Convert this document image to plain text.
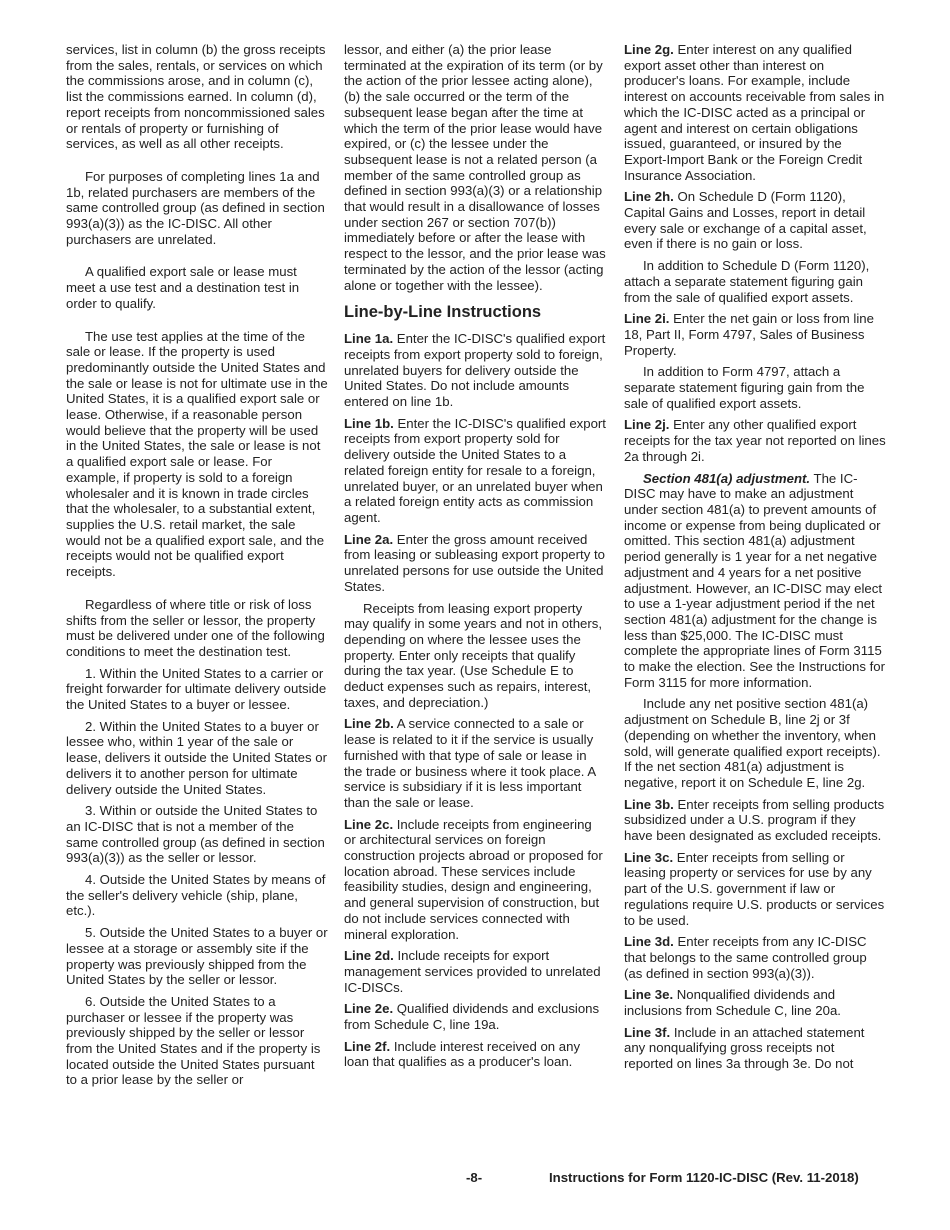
services, list in column (b) the gross receipts from the sales, rentals, or services on which the commissions arose, and in column (c), list the commissions earned. In column (d), report receipts from noncommissioned sales or rentals of property or furnishing of services, as well as all other receipts.

For purposes of completing lines 1a and 1b, related purchasers are members of the same controlled group (as defined in section 993(a)(3)) as the IC-DISC. All other purchasers are unrelated.

A qualified export sale or lease must meet a use test and a destination test in order to qualify.

The use test applies at the time of the sale or lease. If the property is used predominantly outside the United States and the sale or lease is not for ultimate use in the United States, it is a qualified export sale or lease. Otherwise, if a reasonable person would believe that the property will be used in the United States, the sale or lease is not a qualified export sale or lease. For example, if property is sold to a foreign wholesaler and it is known in trade circles that the wholesaler, to a substantial extent, supplies the U.S. retail market, the sale would not be a qualified export sale, and the receipts would not be qualified export receipts.

Regardless of where title or risk of loss shifts from the seller or lessor, the property must be delivered under one of the following conditions to meet the destination test.

1. Within the United States to a carrier or freight forwarder for ultimate delivery outside the United States to a buyer or lessee.

2. Within the United States to a buyer or lessee who, within 1 year of the sale or lease, delivers it outside the United States or delivers it to another person for ultimate delivery outside the United States.

3. Within or outside the United States to an IC-DISC that is not a member of the same controlled group (as defined in section 993(a)(3)) as the seller or lessor.

4. Outside the United States by means of the seller's delivery vehicle (ship, plane, etc.).

5. Outside the United States to a buyer or lessee at a storage or assembly site if the property was previously shipped from the United States by the seller or lessor.

6. Outside the United States to a purchaser or lessee if the property was previously shipped by the seller or lessor from the United States and if the property is located outside the United States pursuant to a prior lease by the seller or

lessor, and either (a) the prior lease terminated at the expiration of its term (or by the action of the prior lessee acting alone), (b) the sale occurred or the term of the subsequent lease began after the time at which the term of the prior lease would have expired, or (c) the lessee under the subsequent lease is not a related person (a member of the same controlled group as defined in section 993(a)(3) or a relationship that would result in a disallowance of losses under section 267 or section 707(b)) immediately before or after the lease with respect to the lessor, and the prior lease was terminated by the action of the lessor (acting alone or together with the lessee).

Line-by-Line Instructions

Line 1a. Enter the IC-DISC's qualified export receipts from export property sold to foreign, unrelated buyers for delivery outside the United States. Do not include amounts entered on line 1b.

Line 1b. Enter the IC-DISC's qualified export receipts from export property sold for delivery outside the United States to a related foreign entity for resale to a foreign, unrelated buyer, or an unrelated buyer when a related foreign entity acts as commission agent.

Line 2a. Enter the gross amount received from leasing or subleasing export property to unrelated persons for use outside the United States.

Receipts from leasing export property may qualify in some years and not in others, depending on where the lessee uses the property. Enter only receipts that qualify during the tax year. (Use Schedule E to deduct expenses such as repairs, interest, taxes, and depreciation.)

Line 2b. A service connected to a sale or lease is related to it if the service is usually furnished with that type of sale or lease in the trade or business where it took place. A service is subsidiary if it is less important than the sale or lease.

Line 2c. Include receipts from engineering or architectural services on foreign construction projects abroad or proposed for location abroad. These services include feasibility studies, design and engineering, and general supervision of construction, but do not include services connected with mineral exploration.

Line 2d. Include receipts for export management services provided to unrelated IC-DISCs.

Line 2e. Qualified dividends and exclusions from Schedule C, line 19a.

Line 2f. Include interest received on any loan that qualifies as a producer's loan.

Line 2g. Enter interest on any qualified export asset other than interest on producer's loans. For example, include interest on accounts receivable from sales in which the IC-DISC acted as a principal or agent and interest on certain obligations issued, guaranteed, or insured by the Export-Import Bank or the Foreign Credit Insurance Association.

Line 2h. On Schedule D (Form 1120), Capital Gains and Losses, report in detail every sale or exchange of a capital asset, even if there is no gain or loss.

In addition to Schedule D (Form 1120), attach a separate statement figuring gain from the sale of qualified export assets.

Line 2i. Enter the net gain or loss from line 18, Part II, Form 4797, Sales of Business Property.

In addition to Form 4797, attach a separate statement figuring gain from the sale of qualified export assets.

Line 2j. Enter any other qualified export receipts for the tax year not reported on lines 2a through 2i.

Section 481(a) adjustment. The IC-DISC may have to make an adjustment under section 481(a) to prevent amounts of income or expense from being duplicated or omitted. This section 481(a) adjustment period generally is 1 year for a net negative adjustment and 4 years for a net positive adjustment. However, an IC-DISC may elect to use a 1-year adjustment period if the net section 481(a) adjustment for the change is less than $25,000. The IC-DISC must complete the appropriate lines of Form 3115 to make the election. See the Instructions for Form 3115 for more information.

Include any net positive section 481(a) adjustment on Schedule B, line 2j or 3f (depending on whether the inventory, when sold, will generate qualified export receipts). If the net section 481(a) adjustment is negative, report it on Schedule E, line 2g.

Line 3b. Enter receipts from selling products subsidized under a U.S. program if they have been designated as excluded receipts.

Line 3c. Enter receipts from selling or leasing property or services for use by any part of the U.S. government if law or regulations require U.S. products or services to be used.

Line 3d. Enter receipts from any IC-DISC that belongs to the same controlled group (as defined in section 993(a)(3)).

Line 3e. Nonqualified dividends and inclusions from Schedule C, line 20a.

Line 3f. Include in an attached statement any nonqualifying gross receipts not reported on lines 3a through 3e. Do not

-8-	Instructions for Form 1120-IC-DISC (Rev. 11-2018)
